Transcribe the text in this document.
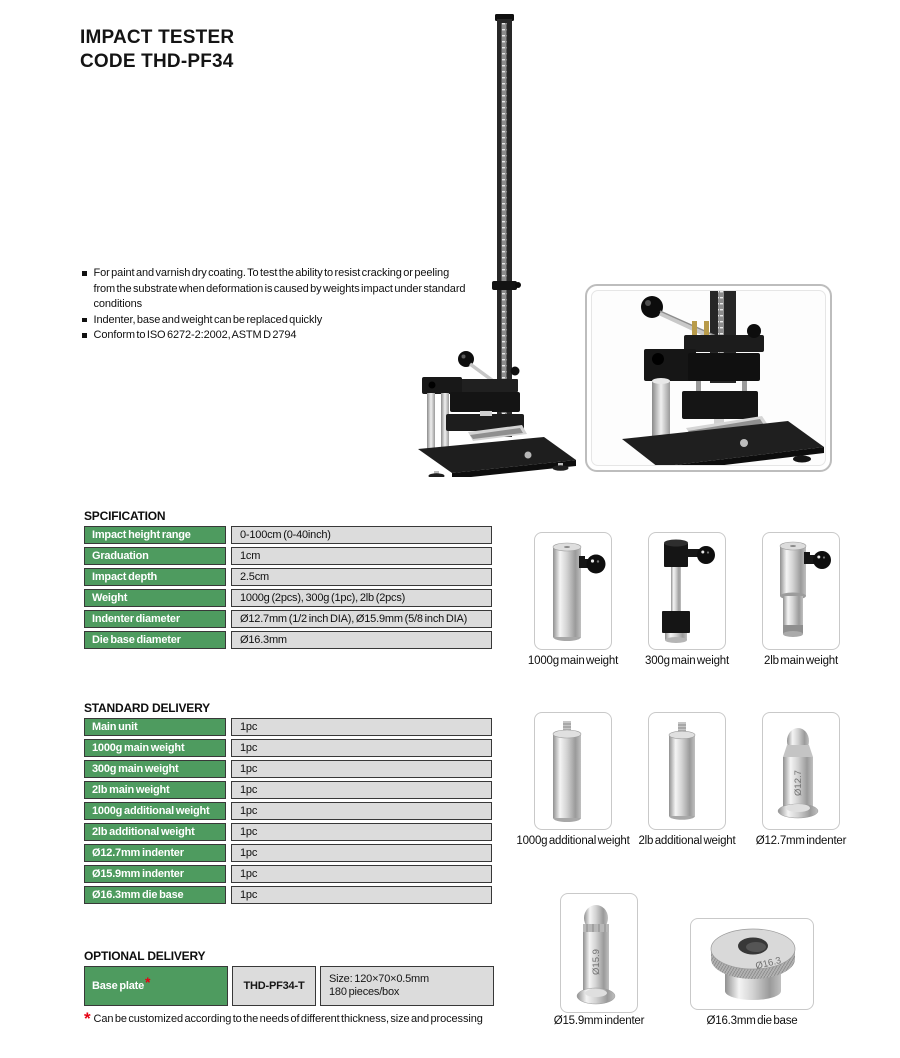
IMPACT TESTER
CODE THD-PF34
For paint and varnish dry coating. To test the ability to resist cracking or peeling from the substrate when deformation is caused by weights impact under standard conditions
Indenter, base and weight can be replaced quickly
Conform to ISO 6272-2:2002, ASTM D 2794
SPCIFICATION
Impact height range	0-100cm (0-40inch)
Graduation	1cm
Impact depth	2.5cm
Weight	1000g (2pcs), 300g (1pc), 2lb (2pcs)
Indenter diameter	Ø12.7mm (1/2 inch DIA), Ø15.9mm (5/8 inch DIA)
Die base diameter	Ø16.3mm
1000g main weight	300g main weight	2lb main weight
STANDARD DELIVERY
Main unit	1pc
1000g main weight	1pc
300g main weight	1pc
2lb main weight	1pc
1000g additional weight	1pc
2lb additional weight	1pc
Ø12.7mm indenter	1pc
Ø15.9mm indenter	1pc
Ø16.3mm die base	1pc
Ø12.7
1000g additional weight 2lb additional weight	Ø12.7mm indenter
Ø15.9	Ø16.3
Ø15.9mm indenter	Ø16.3mm die base
OPTIONAL DELIVERY
Base plate *	THD-PF34-T
Size: 120×70×0.5mm
180 pieces/box
* Can be customized according to the needs of different thickness, size and processing
